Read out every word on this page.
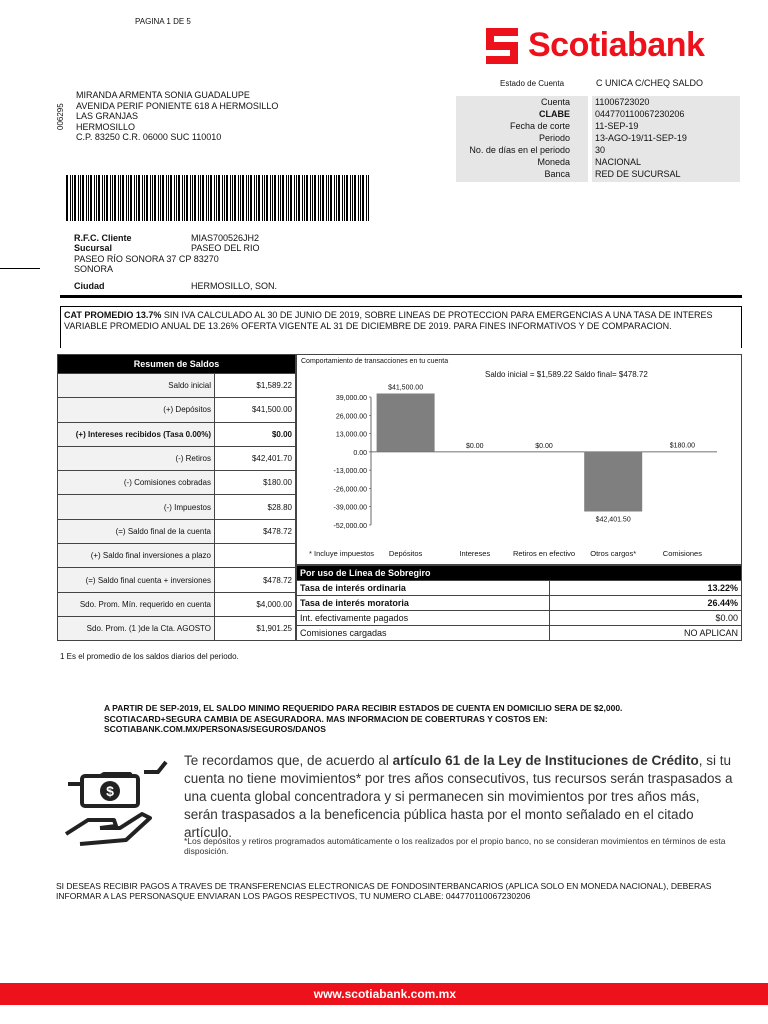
PAGINA 1 DE 5
Scotiabank
Estado de Cuenta	C UNICA C/CHEQ SALDO
Cuenta	11006723020
CLABE	044770110067230206
Fecha de corte	11-SEP-19
Periodo	13-AGO-19/11-SEP-19
No. de días en el periodo	30
Moneda	NACIONAL
Banca	RED DE SUCURSAL
006295
MIRANDA ARMENTA SONIA GUADALUPE
AVENIDA PERIF PONIENTE 618 A HERMOSILLO
LAS GRANJAS
HERMOSILLO
C.P. 83250 C.R. 06000 SUC 110010
R.F.C. Cliente	MIAS700526JH2
Sucursal	PASEO DEL RIO
PASEO RÍO SONORA 37 CP 83270
SONORA
Ciudad	HERMOSILLO, SON.
CAT PROMEDIO 13.7% SIN IVA CALCULADO AL 30 DE JUNIO DE 2019, SOBRE LINEAS DE PROTECCION PARA EMERGENCIAS A UNA TASA DE INTERES VARIABLE PROMEDIO ANUAL DE 13.26% OFERTA VIGENTE AL 31 DE DICIEMBRE DE 2019. PARA FINES INFORMATIVOS Y DE COMPARACION.
Resumen de Saldos	
Saldo inicial	$1,589.22
(+) Depósitos	$41,500.00
(+) Intereses recibidos (Tasa 0.00%)	$0.00
(-) Retiros	$42,401.70
(-) Comisiones cobradas	$180.00
(-) Impuestos	$28.80
(=) Saldo final de la cuenta	$478.72
(+) Saldo final inversiones a plazo	
(=) Saldo final cuenta + inversiones	$478.72
Sdo. Prom. Mín. requerido en cuenta	$4,000.00
Sdo. Prom. (1 )de la Cta. AGOSTO	$1,901.25
Comportamiento de transacciones en tu cuenta
Saldo inicial = $1,589.22 Saldo final= $478.72
39,000.00
26,000.00
13,000.00
0.00
-13,000.00
-26,000.00
-39,000.00
-52,000.00
$41,500.00
Depósitos
$0.00
Intereses
$0.00
Retiros en efectivo
$42,401.50
Otros cargos*
$180.00
Comisiones
* Incluye impuestos
Por uso de Línea de Sobregiro	
Tasa de interés ordinaria	13.22%
Tasa de interés moratoria	26.44%
Int. efectivamente pagados	$0.00
Comisiones cargadas	NO APLICAN
1 Es el promedio de los saldos diarios del periodo.
A PARTIR DE SEP-2019, EL SALDO MINIMO REQUERIDO PARA RECIBIR ESTADOS DE CUENTA EN DOMICILIO SERA DE $2,000. SCOTIACARD+SEGURA CAMBIA DE ASEGURADORA. MAS INFORMACION DE COBERTURAS Y COSTOS EN: SCOTIABANK.COM.MX/PERSONAS/SEGUROS/DANOS
$
Te recordamos que, de acuerdo al artículo 61 de la Ley de Instituciones de Crédito, si tu cuenta no tiene movimientos* por tres años consecutivos, tus recursos serán traspasados a una cuenta global concentradora y si permanecen sin movimientos por tres años más, serán traspasados a la beneficencia pública hasta por el monto señalado en el citado artículo.
*Los depósitos y retiros programados automáticamente o los realizados por el propio banco, no se consideran movimientos en términos de esta disposición.
SI DESEAS RECIBIR PAGOS A TRAVES DE TRANSFERENCIAS ELECTRONICAS DE FONDOSINTERBANCARIOS (APLICA SOLO EN MONEDA NACIONAL), DEBERAS INFORMAR A LAS PERSONASQUE ENVIARAN LOS PAGOS RESPECTIVOS, TU NUMERO CLABE: 044770110067230206
www.scotiabank.com.mx
